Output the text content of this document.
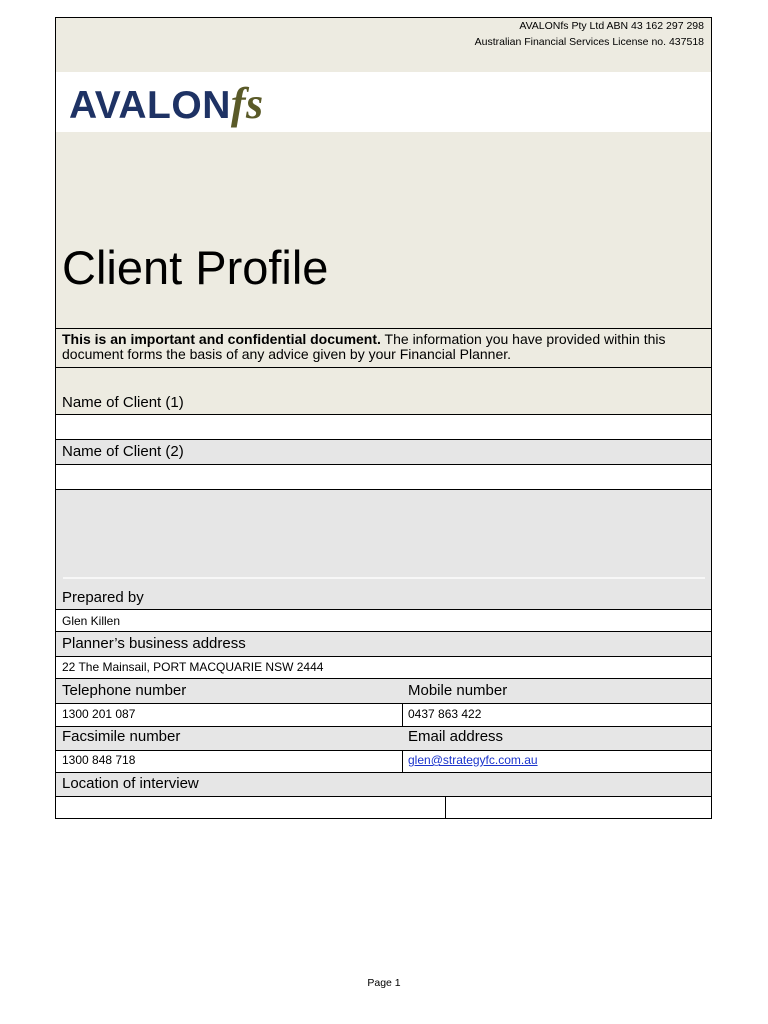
AVALONfs Pty Ltd ABN 43 162 297 298
Australian Financial Services License no. 437518
AVALONfs
Client Profile
This is an important and confidential document. The information you have provided within this document forms the basis of any advice given by your Financial Planner.
Name of Client (1)
Name of Client (2)
Prepared by
Glen Killen
Planner’s business address
22 The Mainsail, PORT MACQUARIE NSW 2444
Telephone number	Mobile number
1300 201 087	0437 863 422
Facsimile number	Email address
1300 848 718	glen@strategyfc.com.au
Location of interview
Page 1
